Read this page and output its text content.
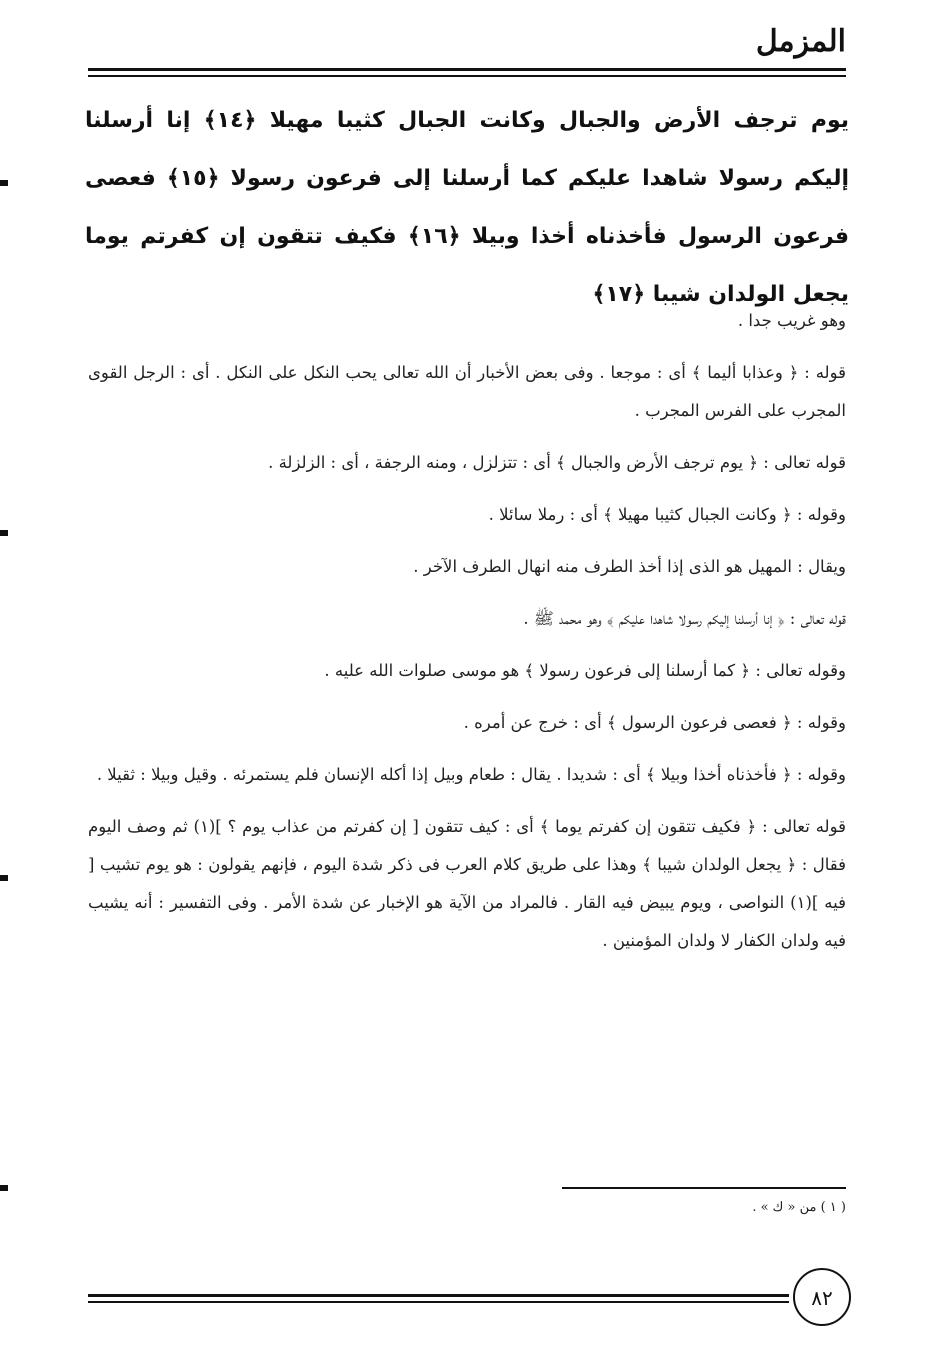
المزمل
يوم ترجف الأرض والجبال وكانت الجبال كثيبا مهيلا ﴿١٤﴾ إنا أرسلنا إليكم رسولا شاهدا عليكم كما أرسلنا إلى فرعون رسولا ﴿١٥﴾ فعصى فرعون الرسول فأخذناه أخذا وبيلا ﴿١٦﴾ فكيف تتقون إن كفرتم يوما يجعل الولدان شيبا ﴿١٧﴾

وهو غريب جدا .

قوله : ﴿ وعذابا أليما ﴾ أى : موجعا . وفى بعض الأخبار أن الله تعالى يحب النكل على النكل . أى : الرجل القوى المجرب على الفرس المجرب .

قوله تعالى : ﴿ يوم ترجف الأرض والجبال ﴾ أى : تتزلزل ، ومنه الرجفة ، أى : الزلزلة .

وقوله : ﴿ وكانت الجبال كثيبا مهيلا ﴾ أى : رملا سائلا .

ويقال : المهيل هو الذى إذا أخذ الطرف منه انهال الطرف الآخر .

قوله تعالى : ﴿ إنا أرسلنا إليكم رسولا شاهدا عليكم ﴾ وهو محمد ﷺ .

وقوله تعالى : ﴿ كما أرسلنا إلى فرعون رسولا ﴾ هو موسى صلوات الله عليه .

وقوله : ﴿ فعصى فرعون الرسول ﴾ أى : خرج عن أمره .

وقوله : ﴿ فأخذناه أخذا وبيلا ﴾ أى : شديدا . يقال : طعام وبيل إذا أكله الإنسان فلم يستمرئه . وقيل وبيلا : ثقيلا .

قوله تعالى : ﴿ فكيف تتقون إن كفرتم يوما ﴾ أى : كيف تتقون [ إن كفرتم من عذاب يوم ؟ ](١) ثم وصف اليوم فقال : ﴿ يجعل الولدان شيبا ﴾ وهذا على طريق كلام العرب فى ذكر شدة اليوم ، فإنهم يقولون : هو يوم تشيب [ فيه ](١) النواصى ، ويوم يبيض فيه القار . فالمراد من الآية هو الإخبار عن شدة الأمر . وفى التفسير : أنه يشيب فيه ولدان الكفار لا ولدان المؤمنين .

( ١ ) من « ك » .
٨٢
